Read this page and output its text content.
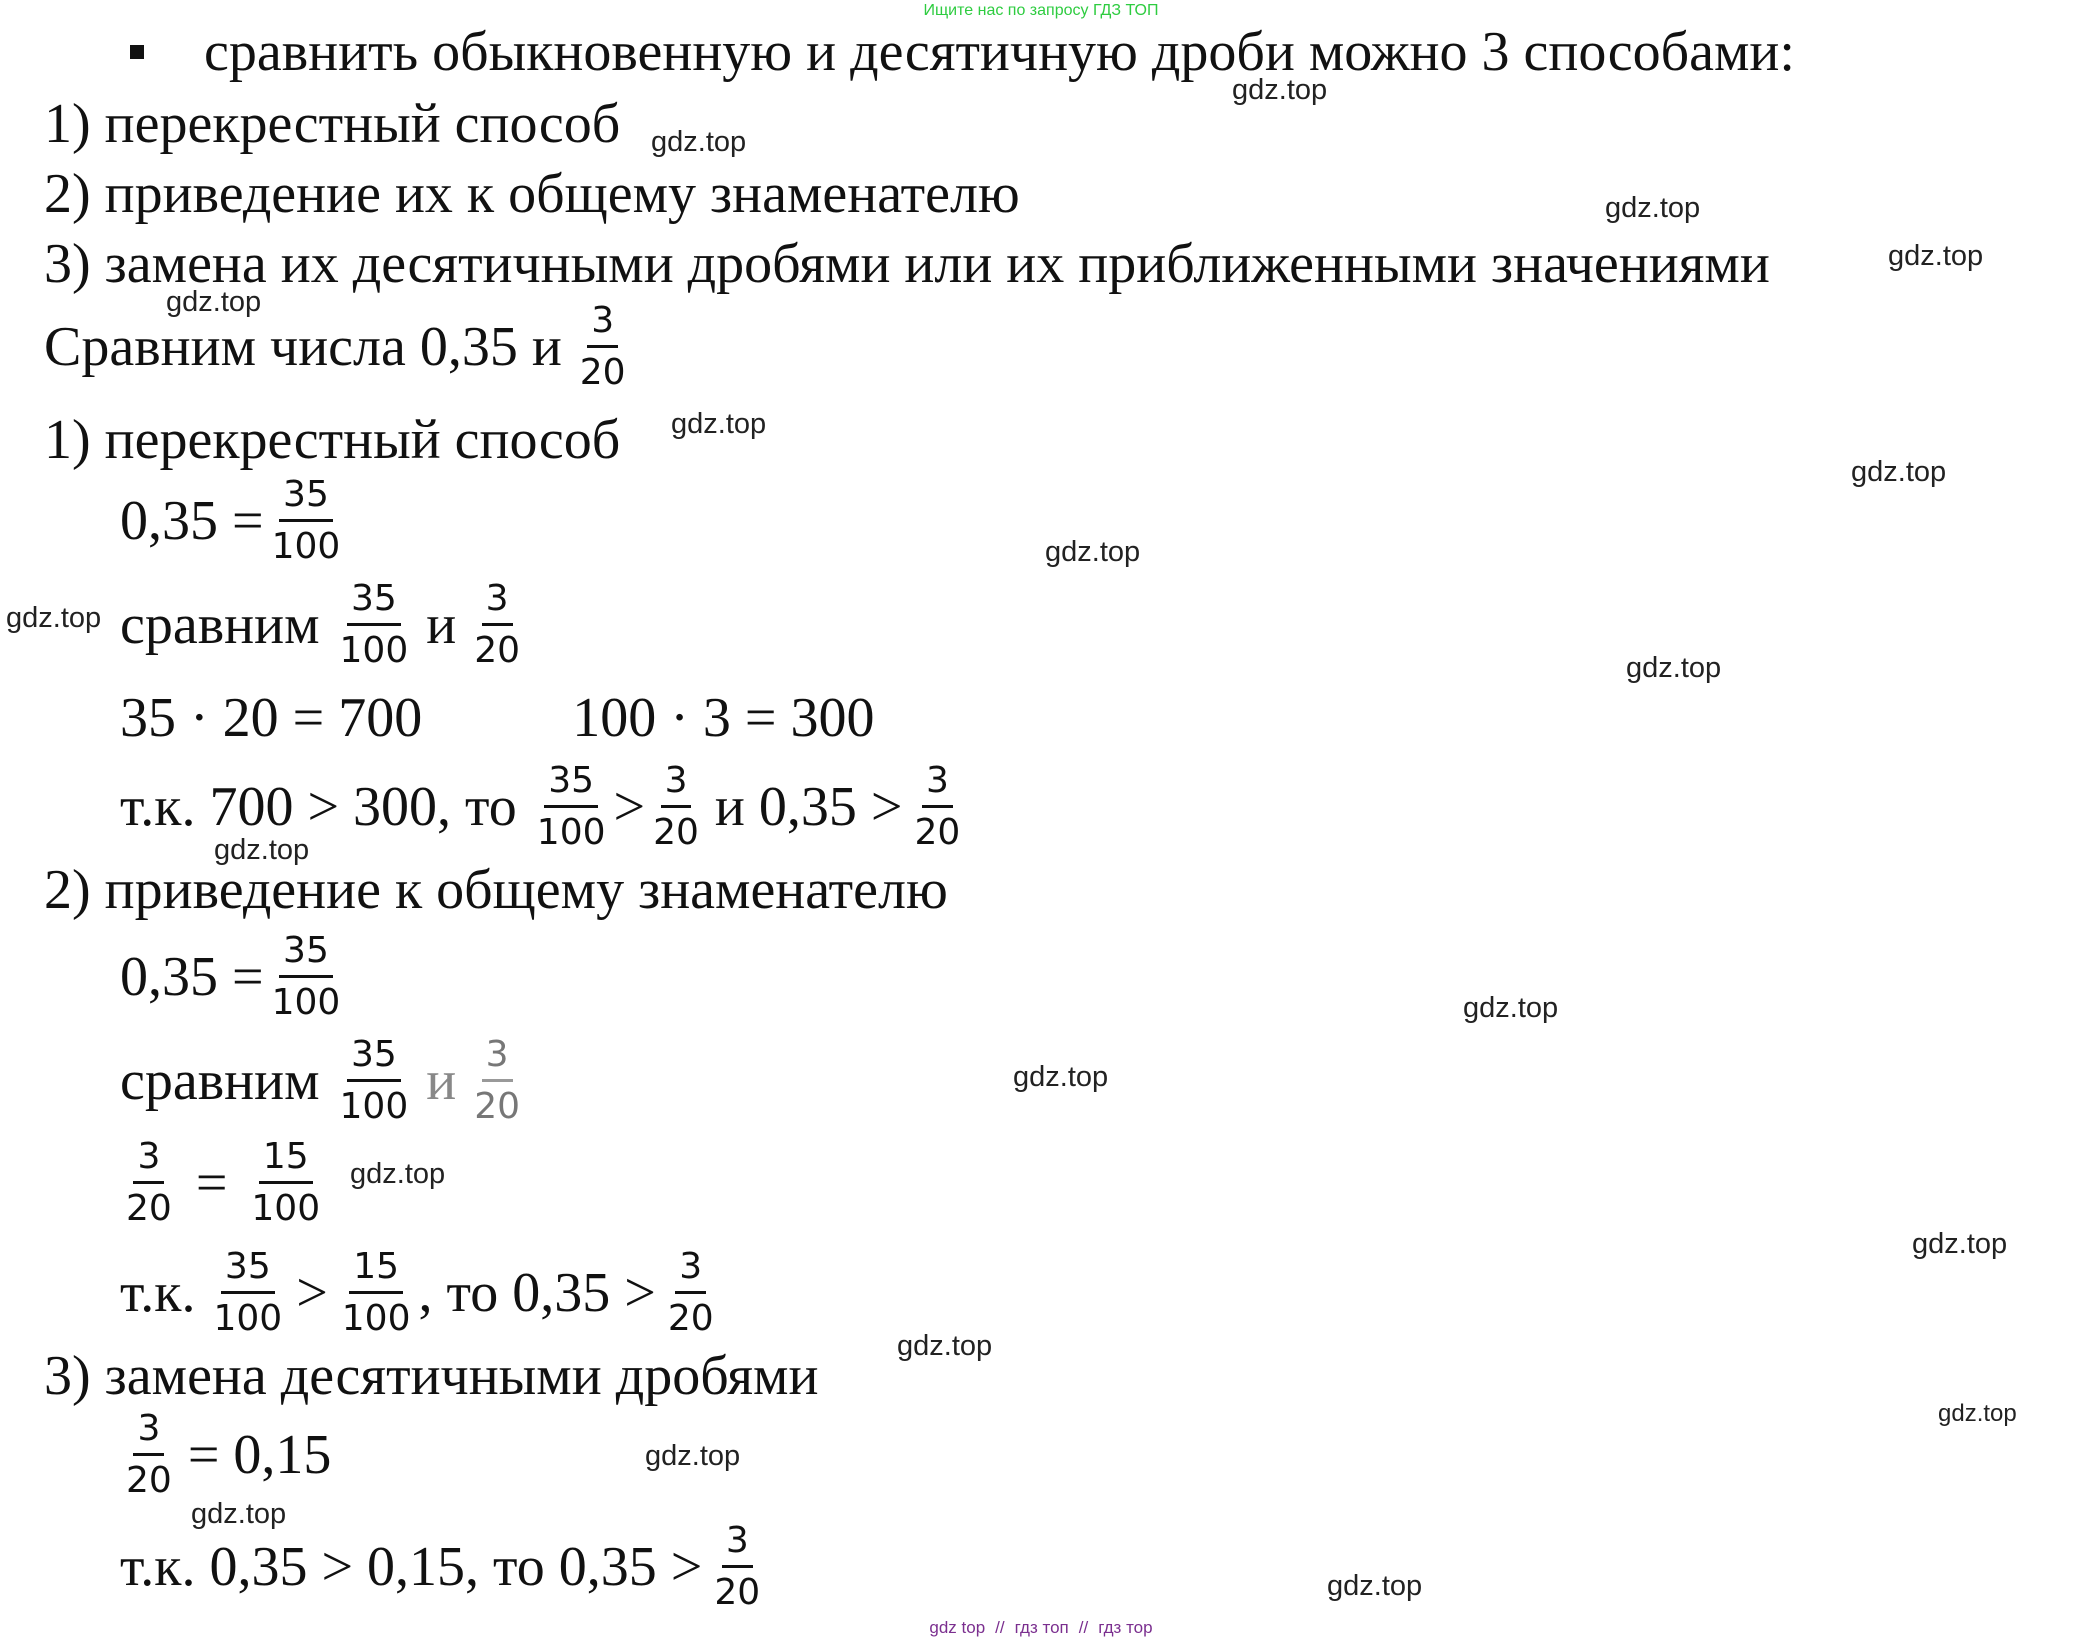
Ищите нас по запросу ГДЗ ТОП
сравнить обыкновенную и десятичную дроби можно 3 способами:
1) перекрестный способ
2) приведение их к общему знаменателю
3) замена их десятичными дробями или их приближенными значениями
Сравним числа 0,35 и $\frac{3}{20}$
1) перекрестный способ
$0,35 = \frac{35}{100}$
сравним $\frac{35}{100}$ и $\frac{3}{20}$
35 · 20 = 700	100 · 3 = 300
т.к. 700 > 300, то $\frac{35}{100} > \frac{3}{20}$ и $0,35 > \frac{3}{20}$
2) приведение к общему знаменателю
$0,35 = \frac{35}{100}$
сравним $\frac{35}{100}$ и $\frac{3}{20}$
$\frac{3}{20} = \frac{15}{100}$
т.к. $\frac{35}{100} > \frac{15}{100}$ , то $0,35 > \frac{3}{20}$
3) замена десятичными дробями
$\frac{3}{20} = 0,15$
т.к. 0,35 > 0,15, то $0,35 > \frac{3}{20}$
gdz.top
gdz.top
gdz.top
gdz.top
gdz.top
gdz.top
gdz.top
gdz.top
gdz.top
gdz.top
gdz.top
gdz.top
gdz.top
gdz.top
gdz.top
gdz.top
gdz.top
gdz.top
gdz.top
gdz.top
gdz top // гдз топ // гдз тор
